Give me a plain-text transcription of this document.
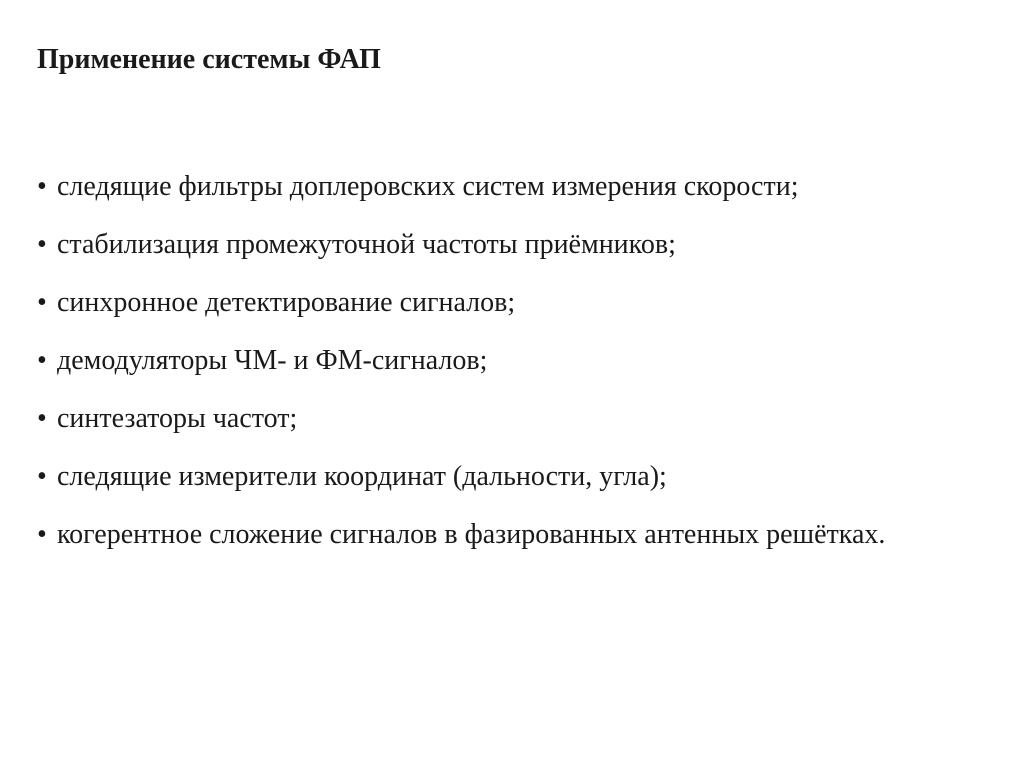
Применение системы ФАП
• следящие фильтры доплеровских систем измерения скорости;
• стабилизация промежуточной частоты приёмников;
• синхронное детектирование сигналов;
• демодуляторы ЧМ- и ФМ-сигналов;
• синтезаторы частот;
• следящие измерители координат (дальности, угла);
• когерентное сложение сигналов в фазированных антенных решётках.
